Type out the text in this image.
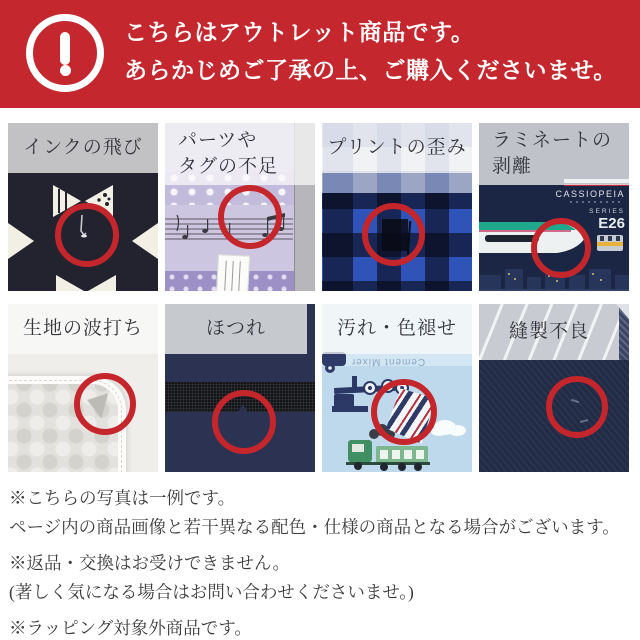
こちらはアウトレット商品です。
あらかじめご了承の上、ご購入くださいませ。
インクの飛び	パーツや
タグの不足
プリントの歪み
CASSIOPEIA
SERIES
E26
ラミネートの
剥離
生地の波打ち	ほつれ
Cement Mixer
汚れ・色褪せ	縫製不良

※こちらの写真は一例です。

ページ内の商品画像と若干異なる配色・仕様の商品となる場合がございます。

※返品・交換はお受けできません。

(著しく気になる場合はお問い合わせくださいませ。)

※ラッピング対象外商品です。
